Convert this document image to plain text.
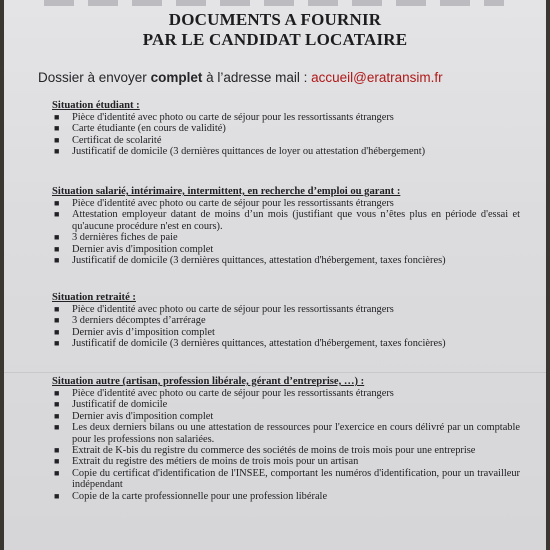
DOCUMENTS A FOURNIR
PAR LE CANDIDAT LOCATAIRE
Dossier à envoyer complet à l’adresse mail : accueil@eratransim.fr
Situation étudiant :
■ Pièce d'identité avec photo ou carte de séjour pour les ressortissants étrangers
■ Carte étudiante (en cours de validité)
■ Certificat de scolarité
■ Justificatif de domicile (3 dernières quittances de loyer ou attestation d'hébergement)
Situation salarié, intérimaire, intermittent, en recherche d’emploi ou garant :
■ Pièce d'identité avec photo ou carte de séjour pour les ressortissants étrangers
■ Attestation employeur datant de moins d’un mois (justifiant que vous n’êtes plus en période d'essai et qu'aucune procédure n'est en cours).
■ 3 dernières fiches de paie
■ Dernier avis d'imposition complet
■ Justificatif de domicile (3 dernières quittances, attestation d'hébergement, taxes foncières)
Situation retraité :
■ Pièce d'identité avec photo ou carte de séjour pour les ressortissants étrangers
■ 3 derniers décomptes d’arrérage
■ Dernier avis d’imposition complet
■ Justificatif de domicile (3 dernières quittances, attestation d'hébergement, taxes foncières)
Situation autre (artisan, profession libérale, gérant d’entreprise, …) :
■ Pièce d'identité avec photo ou carte de séjour pour les ressortissants étrangers
■ Justificatif de domicile
■ Dernier avis d'imposition complet
■ Les deux derniers bilans ou une attestation de ressources pour l'exercice en cours délivré par un comptable pour les professions non salariées.
■ Extrait de K-bis du registre du commerce des sociétés de moins de trois mois pour une entreprise
■ Extrait du registre des métiers de moins de trois mois pour un artisan
■ Copie du certificat d'identification de l'INSEE, comportant les numéros d'identification, pour un travailleur indépendant
■ Copie de la carte professionnelle pour une profession libérale
